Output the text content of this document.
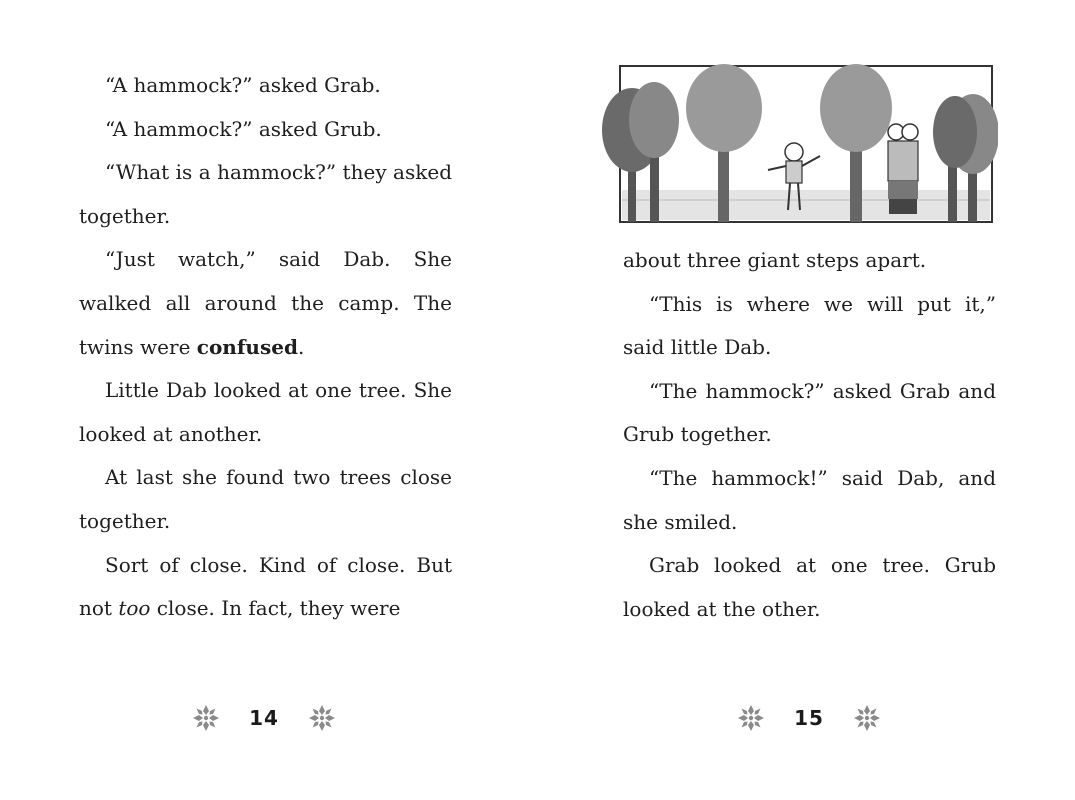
“A hammock?” asked Grab.

“A hammock?” asked Grub.

“What is a hammock?” they asked together.

“Just watch,” said Dab. She walked all around the camp. The twins were confused.

Little Dab looked at one tree. She looked at another.

At last she found two trees close together.

Sort of close. Kind of close. But not too close. In fact, they were

14

about three giant steps apart.

“This is where we will put it,” said little Dab.

“The hammock?” asked Grab and Grub together.

“The hammock!” said Dab, and she smiled.

Grab looked at one tree. Grub looked at the other.

15
